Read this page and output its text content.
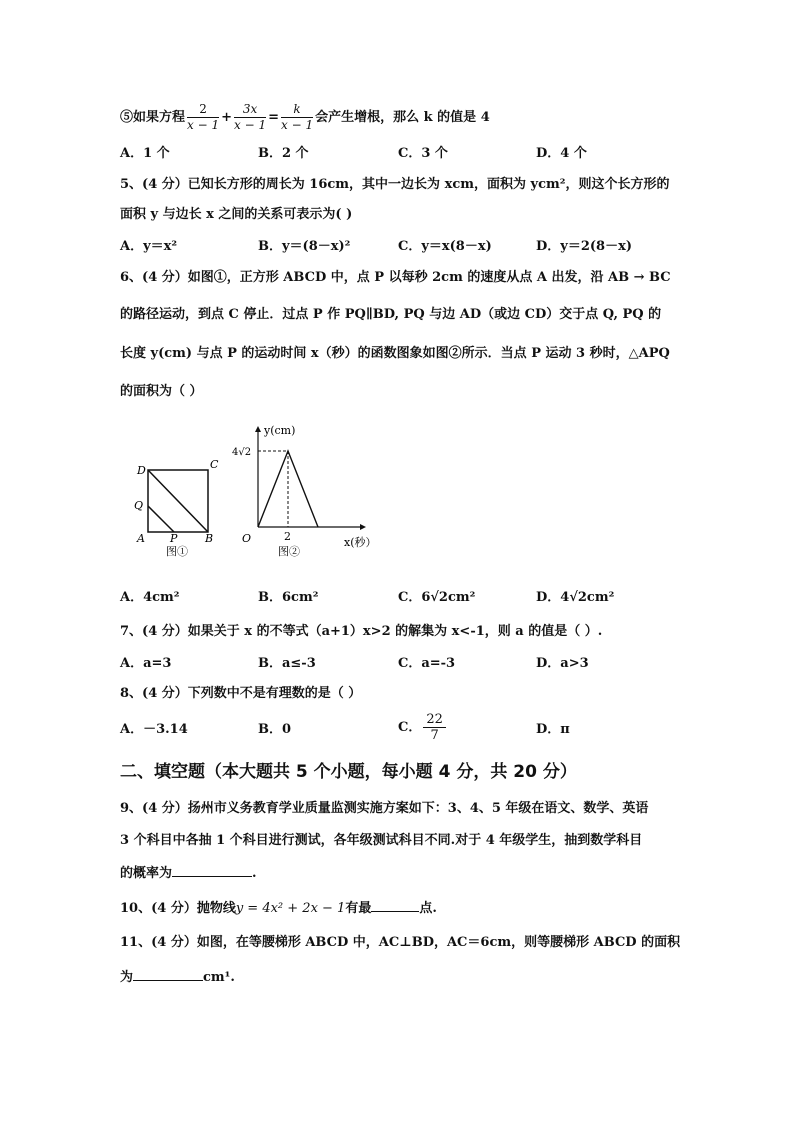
⑤如果方程 $\frac{2}{x - 1} + \frac{3x}{x - 1} = \frac{k}{x - 1}$ 会产生增根，那么 k 的值是 4
A．1 个	B．2 个	C．3 个	D．4 个
5、(4 分）已知长方形的周长为 16cm，其中一边长为 xcm，面积为 ycm²，则这个长方形的
面积 y 与边长 x 之间的关系可表示为( )
A．y＝x²	B．y＝(8－x)²	C．y＝x(8－x)	D．y＝2(8－x)
6、(4 分）如图①，正方形 ABCD 中，点 P 以每秒 2cm 的速度从点 A 出发，沿 AB → BC
的路径运动，到点 C 停止．过点 P 作 PQ∥BD, PQ 与边 AD（或边 CD）交于点 Q, PQ 的
长度 y(cm) 与点 P 的运动时间 x（秒）的函数图象如图②所示．当点 P 运动 3 秒时，△APQ
的面积为（ ）
D	C
Q
A P	B
图①
y(cm)
x(秒）
O	2
4√2
图②
A．4cm²	B．6cm²	C．6√2cm²	D．4√2cm²
7、(4 分）如果关于 x 的不等式（a+1）x>2 的解集为 x<-1，则 a 的值是（ ）.
A．a=3	B．a≤-3	C．a=-3	D．a>3
8、(4 分）下列数中不是有理数的是（ ）
A．－3.14	B．0	C． $\frac{22}{7}$	D．π
二、填空题（本大题共 5 个小题，每小题 4 分，共 20 分）
9、(4 分）扬州市义务教育学业质量监测实施方案如下：3、4、5 年级在语文、数学、英语
3 个科目中各抽 1 个科目进行测试，各年级测试科目不同.对于 4 年级学生，抽到数学科目
的概率为	.
10、(4 分）抛物线y = 4x² + 2x − 1有最	点.
11、(4 分）如图，在等腰梯形 ABCD 中，AC⊥BD，AC＝6cm，则等腰梯形 ABCD 的面积
为	cm¹.
